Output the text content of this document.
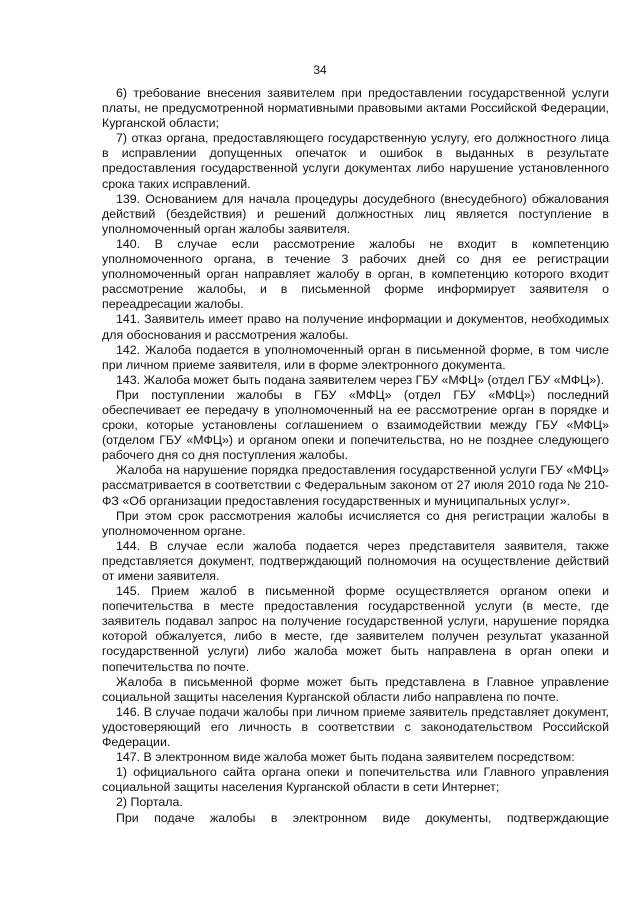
34

6) требование внесения заявителем при предоставлении государственной услуги платы, не предусмотренной нормативными правовыми актами Российской Федерации, Курганской области;

7) отказ органа, предоставляющего государственную услугу, его должностного лица в исправлении допущенных опечаток и ошибок в выданных в результате предоставления государственной услуги документах либо нарушение установленного срока таких исправлений.

139. Основанием для начала процедуры досудебного (внесудебного) обжалования действий (бездействия) и решений должностных лиц является поступление в уполномоченный орган жалобы заявителя.

140. В случае если рассмотрение жалобы не входит в компетенцию уполномоченного органа, в течение 3 рабочих дней со дня ее регистрации уполномоченный орган направляет жалобу в орган, в компетенцию которого входит рассмотрение жалобы, и в письменной форме информирует заявителя о переадресации жалобы.

141. Заявитель имеет право на получение информации и документов, необходимых для обоснования и рассмотрения жалобы.

142. Жалоба подается в уполномоченный орган в письменной форме, в том числе при личном приеме заявителя, или в форме электронного документа.

143. Жалоба может быть подана заявителем через ГБУ «МФЦ» (отдел ГБУ «МФЦ»).

При поступлении жалобы в ГБУ «МФЦ» (отдел ГБУ «МФЦ») последний обеспечивает ее передачу в уполномоченный на ее рассмотрение орган в порядке и сроки, которые установлены соглашением о взаимодействии между ГБУ «МФЦ» (отделом ГБУ «МФЦ») и органом опеки и попечительства, но не позднее следующего рабочего дня со дня поступления жалобы.

Жалоба на нарушение порядка предоставления государственной услуги ГБУ «МФЦ» рассматривается в соответствии с Федеральным законом от 27 июля 2010 года № 210-ФЗ «Об организации предоставления государственных и муниципальных услуг».

При этом срок рассмотрения жалобы исчисляется со дня регистрации жалобы в уполномоченном органе.

144. В случае если жалоба подается через представителя заявителя, также представляется документ, подтверждающий полномочия на осуществление действий от имени заявителя.

145. Прием жалоб в письменной форме осуществляется органом опеки и попечительства в месте предоставления государственной услуги (в месте, где заявитель подавал запрос на получение государственной услуги, нарушение порядка которой обжалуется, либо в месте, где заявителем получен результат указанной государственной услуги) либо жалоба может быть направлена в орган опеки и попечительства по почте.

Жалоба в письменной форме может быть представлена в Главное управление социальной защиты населения Курганской области либо направлена по почте.

146. В случае подачи жалобы при личном приеме заявитель представляет документ, удостоверяющий его личность в соответствии с законодательством Российской Федерации.

147. В электронном виде жалоба может быть подана заявителем посредством:

1) официального сайта органа опеки и попечительства или Главного управления социальной защиты населения Курганской области в сети Интернет;

2) Портала.

При подаче жалобы в электронном виде документы, подтверждающие
